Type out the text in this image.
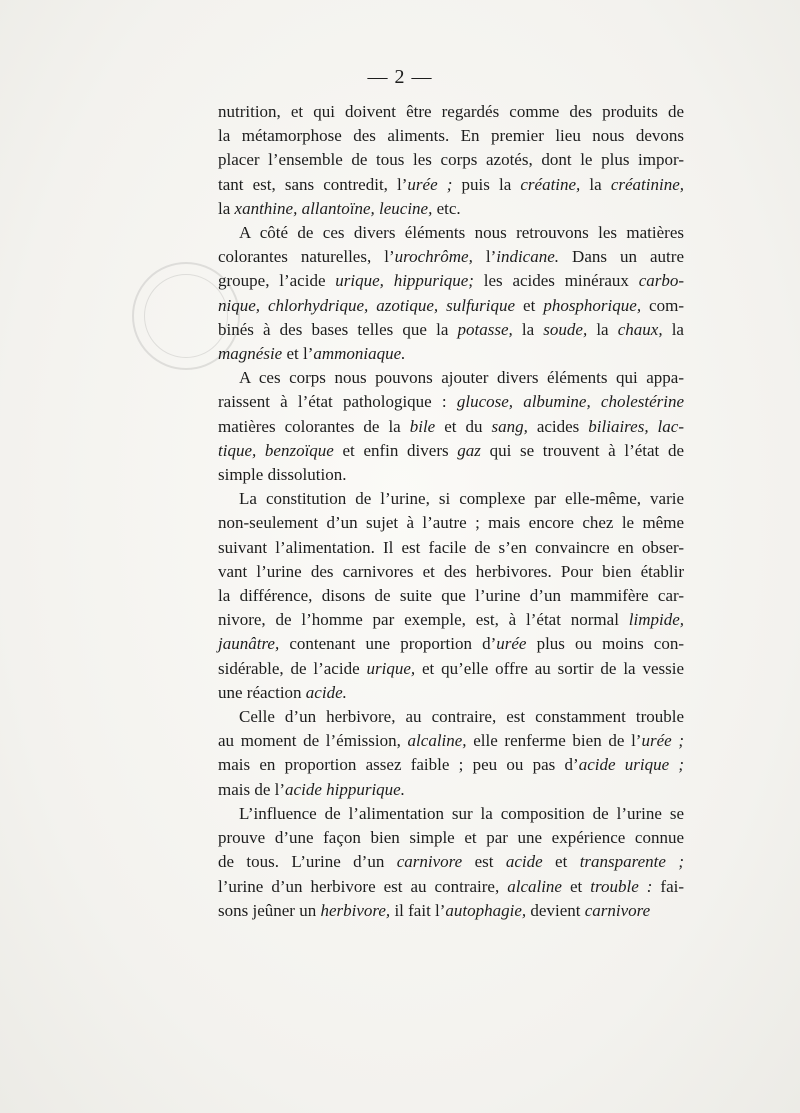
— 2 —
nutrition, et qui doivent être regardés comme des produits de
la métamorphose des aliments. En premier lieu nous devons
placer l’ensemble de tous les corps azotés, dont le plus impor-
tant est, sans contredit, l’urée ; puis la créatine, la créatinine,
la xanthine, allantoïne, leucine, etc.
A côté de ces divers éléments nous retrouvons les matières
colorantes naturelles, l’urochrôme, l’indicane. Dans un autre
groupe, l’acide urique, hippurique; les acides minéraux carbo-
nique, chlorhydrique, azotique, sulfurique et phosphorique, com-
binés à des bases telles que la potasse, la soude, la chaux, la
magnésie et l’ammoniaque.
A ces corps nous pouvons ajouter divers éléments qui appa-
raissent à l’état pathologique : glucose, albumine, cholestérine
matières colorantes de la bile et du sang, acides biliaires, lac-
tique, benzoïque et enfin divers gaz qui se trouvent à l’état de
simple dissolution.
La constitution de l’urine, si complexe par elle-même, varie
non-seulement d’un sujet à l’autre ; mais encore chez le même
suivant l’alimentation. Il est facile de s’en convaincre en obser-
vant l’urine des carnivores et des herbivores. Pour bien établir
la différence, disons de suite que l’urine d’un mammifère car-
nivore, de l’homme par exemple, est, à l’état normal limpide,
jaunâtre, contenant une proportion d’urée plus ou moins con-
sidérable, de l’acide urique, et qu’elle offre au sortir de la vessie
une réaction acide.
Celle d’un herbivore, au contraire, est constamment trouble
au moment de l’émission, alcaline, elle renferme bien de l’urée ;
mais en proportion assez faible ; peu ou pas d’acide urique ;
mais de l’acide hippurique.
L’influence de l’alimentation sur la composition de l’urine se
prouve d’une façon bien simple et par une expérience connue
de tous. L’urine d’un carnivore est acide et transparente ;
l’urine d’un herbivore est au contraire, alcaline et trouble : fai-
sons jeûner un herbivore, il fait l’autophagie, devient carnivore
